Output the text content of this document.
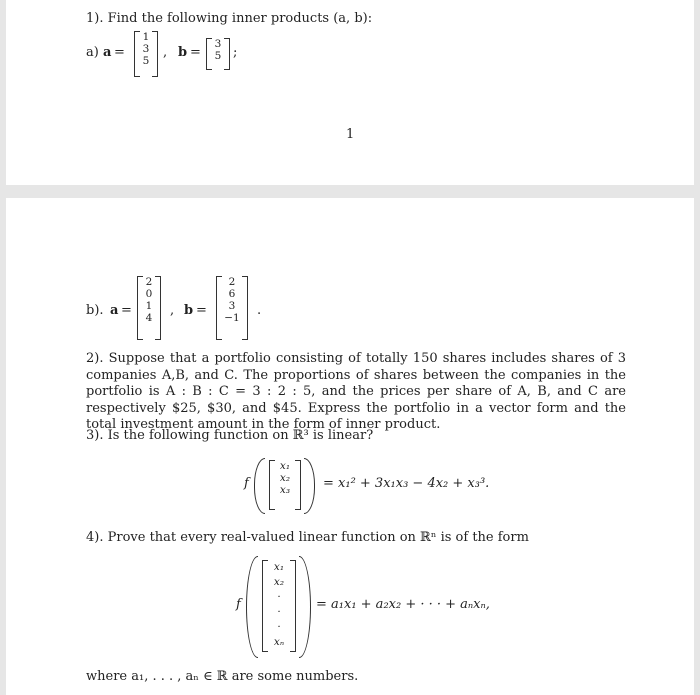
1). Find the following inner products (a, b):
a) a =
1
3
5
, b =
3
5 ;
1
b). a =
2
0
1
4	, b =
2
6
3
−1	.
2). Suppose that a portfolio consisting of totally 150 shares includes shares of 3 companies A,B, and C. The proportions of shares between the companies in the portfolio is A : B : C = 3 : 2 : 5, and the prices per share of A, B, and C are respectively $25, $30, and $45. Express the portfolio in a vector form and the total investment amount in the form of inner product.
3). Is the following function on ℝ³ is linear?
f
x₁
x₂
x₃	= x₁² + 3x₁x₃ − 4x₂ + x₃³.
4). Prove that every real-valued linear function on ℝⁿ is of the form
f
x₁
x₂
·
·
·
xₙ
= a₁x₁ + a₂x₂ + · · · + aₙxₙ,
where a₁, . . . , aₙ ∈ ℝ are some numbers.
